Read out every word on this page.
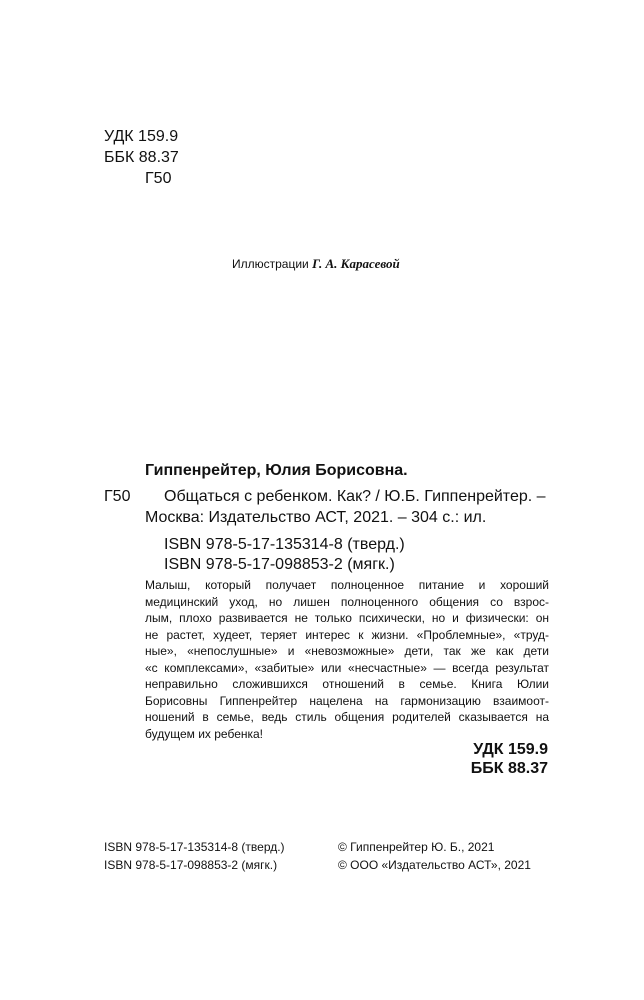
УДК 159.9
ББК 88.37
Г50
Иллюстрации Г. А. Карасевой
Гиппенрейтер, Юлия Борисовна.
Г50 Общаться с ребенком. Как? / Ю.Б. Гиппенрейтер. –
Москва: Издательство АСТ, 2021. – 304 с.: ил.
ISBN 978-5-17-135314-8 (тверд.)
ISBN 978-5-17-098853-2 (мягк.)
Малыш, который получает полноценное питание и хороший
медицинский уход, но лишен полноценного общения со взрос-
лым, плохо развивается не только психически, но и физически: он
не растет, худеет, теряет интерес к жизни. «Проблемные», «труд-
ные», «непослушные» и «невозможные» дети, так же как дети
«с комплексами», «забитые» или «несчастные» — всегда результат
неправильно сложившихся отношений в семье. Книга Юлии
Борисовны Гиппенрейтер нацелена на гармонизацию взаимоот-
ношений в семье, ведь стиль общения родителей сказывается на
будущем их ребенка!
УДК 159.9
ББК 88.37
ISBN 978-5-17-135314-8 (тверд.)
ISBN 978-5-17-098853-2 (мягк.)
© Гиппенрейтер Ю. Б., 2021
© ООО «Издательство АСТ», 2021
